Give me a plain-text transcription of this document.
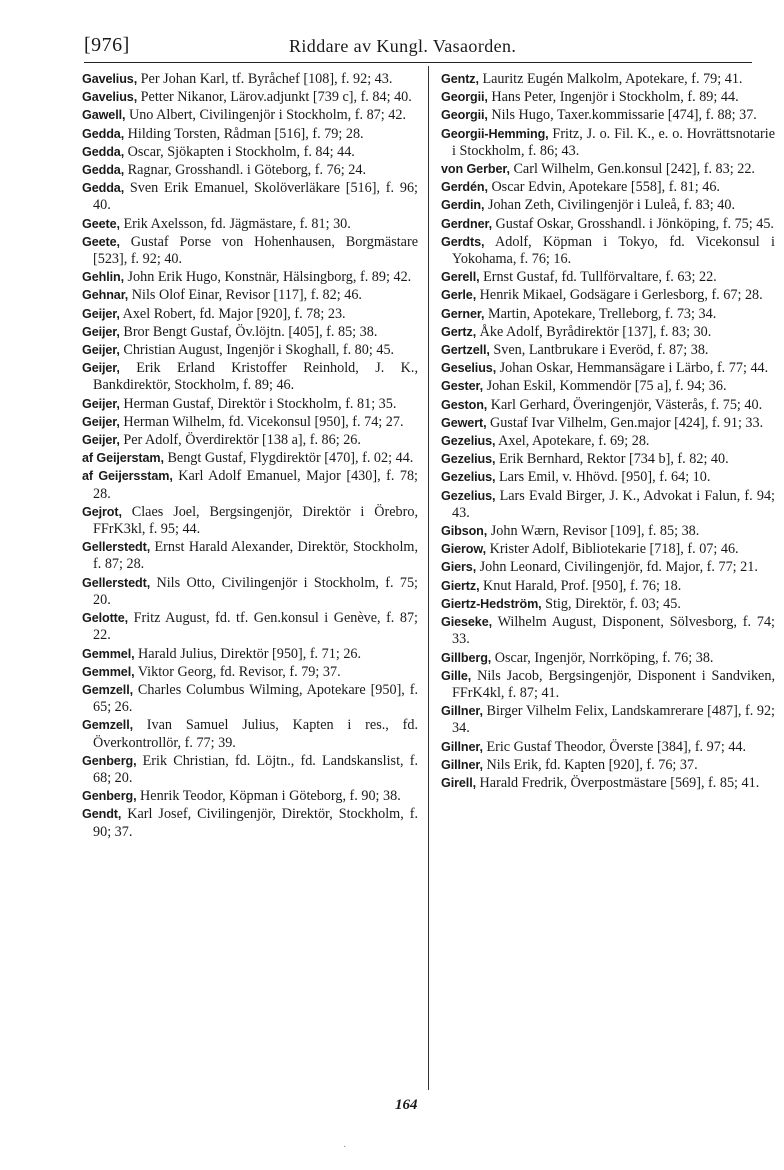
[976]	Riddare av Kungl. Vasaorden.

Gavelius, Per Johan Karl, tf. Byråchef [108], f. 92; 43.

Gavelius, Petter Nikanor, Lärov.adjunkt [739 c], f. 84; 40.

Gawell, Uno Albert, Civilingenjör i Stockholm, f. 87; 42.

Gedda, Hilding Torsten, Rådman [516], f. 79; 28.

Gedda, Oscar, Sjökapten i Stockholm, f. 84; 44.

Gedda, Ragnar, Grosshandl. i Göteborg, f. 76; 24.

Gedda, Sven Erik Emanuel, Skolöverläkare [516], f. 96; 40.

Geete, Erik Axelsson, fd. Jägmästare, f. 81; 30.

Geete, Gustaf Porse von Hohenhausen, Borgmästare [523], f. 92; 40.

Gehlin, John Erik Hugo, Konstnär, Hälsingborg, f. 89; 42.

Gehnar, Nils Olof Einar, Revisor [117], f. 82; 46.

Geijer, Axel Robert, fd. Major [920], f. 78; 23.

Geijer, Bror Bengt Gustaf, Öv.löjtn. [405], f. 85; 38.

Geijer, Christian August, Ingenjör i Skoghall, f. 80; 45.

Geijer, Erik Erland Kristoffer Reinhold, J. K., Bankdirektör, Stockholm, f. 89; 46.

Geijer, Herman Gustaf, Direktör i Stockholm, f. 81; 35.

Geijer, Herman Wilhelm, fd. Vicekonsul [950], f. 74; 27.

Geijer, Per Adolf, Överdirektör [138 a], f. 86; 26.

af Geijerstam, Bengt Gustaf, Flygdirektör [470], f. 02; 44.

af Geijersstam, Karl Adolf Emanuel, Major [430], f. 78; 28.

Gejrot, Claes Joel, Bergsingenjör, Direktör i Örebro, FFrK3kl, f. 95; 44.

Gellerstedt, Ernst Harald Alexander, Direktör, Stockholm, f. 87; 28.

Gellerstedt, Nils Otto, Civilingenjör i Stockholm, f. 75; 20.

Gelotte, Fritz August, fd. tf. Gen.konsul i Genève, f. 87; 22.

Gemmel, Harald Julius, Direktör [950], f. 71; 26.

Gemmel, Viktor Georg, fd. Revisor, f. 79; 37.

Gemzell, Charles Columbus Wilming, Apotekare [950], f. 65; 26.

Gemzell, Ivan Samuel Julius, Kapten i res., fd. Överkontrollör, f. 77; 39.

Genberg, Erik Christian, fd. Löjtn., fd. Landskanslist, f. 68; 20.

Genberg, Henrik Teodor, Köpman i Göteborg, f. 90; 38.

Gendt, Karl Josef, Civilingenjör, Direktör, Stockholm, f. 90; 37.

Gentz, Lauritz Eugén Malkolm, Apotekare, f. 79; 41.

Georgii, Hans Peter, Ingenjör i Stockholm, f. 89; 44.

Georgii, Nils Hugo, Taxer.kommissarie [474], f. 88; 37.

Georgii-Hemming, Fritz, J. o. Fil. K., e. o. Hovrättsnotarie i Stockholm, f. 86; 43.

von Gerber, Carl Wilhelm, Gen.konsul [242], f. 83; 22.

Gerdén, Oscar Edvin, Apotekare [558], f. 81; 46.

Gerdin, Johan Zeth, Civilingenjör i Luleå, f. 83; 40.

Gerdner, Gustaf Oskar, Grosshandl. i Jönköping, f. 75; 45.

Gerdts, Adolf, Köpman i Tokyo, fd. Vicekonsul i Yokohama, f. 76; 16.

Gerell, Ernst Gustaf, fd. Tullförvaltare, f. 63; 22.

Gerle, Henrik Mikael, Godsägare i Gerlesborg, f. 67; 28.

Gerner, Martin, Apotekare, Trelleborg, f. 73; 34.

Gertz, Åke Adolf, Byrådirektör [137], f. 83; 30.

Gertzell, Sven, Lantbrukare i Everöd, f. 87; 38.

Geselius, Johan Oskar, Hemmansägare i Lärbo, f. 77; 44.

Gester, Johan Eskil, Kommendör [75 a], f. 94; 36.

Geston, Karl Gerhard, Överingenjör, Västerås, f. 75; 40.

Gewert, Gustaf Ivar Vilhelm, Gen.major [424], f. 91; 33.

Gezelius, Axel, Apotekare, f. 69; 28.

Gezelius, Erik Bernhard, Rektor [734 b], f. 82; 40.

Gezelius, Lars Emil, v. Hhövd. [950], f. 64; 10.

Gezelius, Lars Evald Birger, J. K., Advokat i Falun, f. 94; 43.

Gibson, John Wærn, Revisor [109], f. 85; 38.

Gierow, Krister Adolf, Bibliotekarie [718], f. 07; 46.

Giers, John Leonard, Civilingenjör, fd. Major, f. 77; 21.

Giertz, Knut Harald, Prof. [950], f. 76; 18.

Giertz-Hedström, Stig, Direktör, f. 03; 45.

Gieseke, Wilhelm August, Disponent, Sölvesborg, f. 74; 33.

Gillberg, Oscar, Ingenjör, Norrköping, f. 76; 38.

Gille, Nils Jacob, Bergsingenjör, Disponent i Sandviken, FFrK4kl, f. 87; 41.

Gillner, Birger Vilhelm Felix, Landskamrerare [487], f. 92; 34.

Gillner, Eric Gustaf Theodor, Överste [384], f. 97; 44.

Gillner, Nils Erik, fd. Kapten [920], f. 76; 37.

Girell, Harald Fredrik, Överpostmästare [569], f. 85; 41.

164
·
